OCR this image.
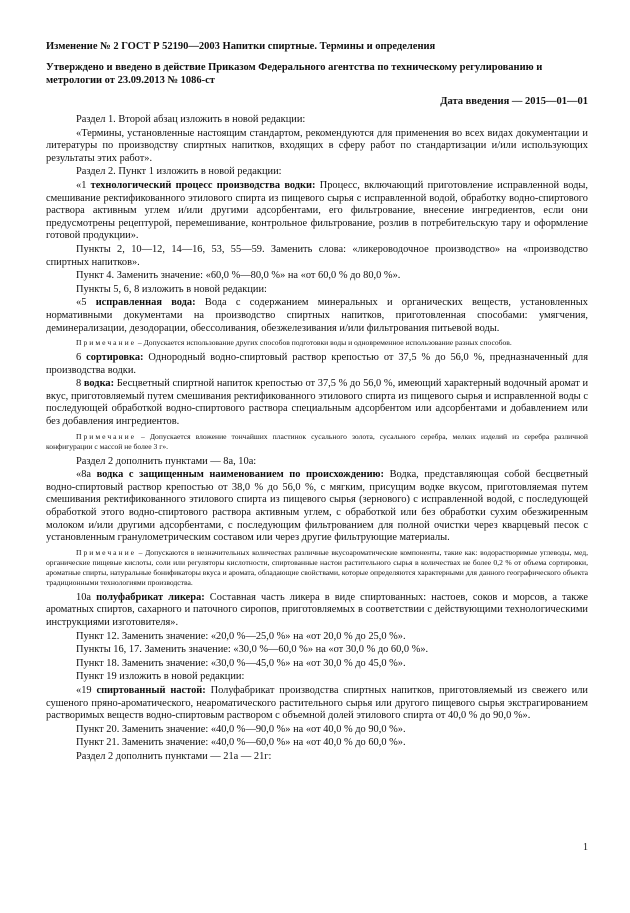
Изменение № 2 ГОСТ Р 52190—2003 Напитки спиртные. Термины и определения
Утверждено и введено в действие Приказом Федерального агентства по техническому регулированию и метрологии от 23.09.2013 № 1086-ст
Дата введения — 2015—01—01

Раздел 1. Второй абзац изложить в новой редакции:

«Термины, установленные настоящим стандартом, рекомендуются для применения во всех видах документации и литературы по производству спиртных напитков, входящих в сферу работ по стандартизации и/или использующих результаты этих работ».

Раздел 2. Пункт 1 изложить в новой редакции:

«1 технологический процесс производства водки: Процесс, включающий приготовление исправленной воды, смешивание ректификованного этилового спирта из пищевого сырья с исправленной водой, обработку водно-спиртового раствора активным углем и/или другими адсорбентами, его фильтрование, внесение ингредиентов, если они предусмотрены рецептурой, перемешивание, контрольное фильтрование, розлив в потребительскую тару и оформление готовой продукции».

Пункты 2, 10—12, 14—16, 53, 55—59. Заменить слова: «ликероводочное производство» на «производство спиртных напитков».

Пункт 4. Заменить значение: «60,0 %—80,0 %» на «от 60,0 % до 80,0 %».

Пункты 5, 6, 8 изложить в новой редакции:

«5 исправленная вода: Вода с содержанием минеральных и органических веществ, установленных нормативными документами на производство спиртных напитков, приготовленная способами: умягчения, деминерализации, дезодорации, обессоливания, обезжелезивания и/или фильтрования питьевой воды.

Примечание – Допускается использование других способов подготовки воды и одновременное использование разных способов.

6 сортировка: Однородный водно-спиртовый раствор крепостью от 37,5 % до 56,0 %, предназначенный для производства водки.

8 водка: Бесцветный спиртной напиток крепостью от 37,5 % до 56,0 %, имеющий характерный водочный аромат и вкус, приготовляемый путем смешивания ректификованного этилового спирта из пищевого сырья и исправленной воды с последующей обработкой водно-спиртового раствора специальным адсорбентом или адсорбентами и добавлением или без добавления ингредиентов.

Примечание – Допускается вложение тончайших пластинок сусального золота, сусального серебра, мелких изделий из серебра различной конфигурации с массой не более 3 г».

Раздел 2 дополнить пунктами — 8а, 10а:

«8а водка с защищенным наименованием по происхождению: Водка, представляющая собой бесцветный водно-спиртовый раствор крепостью от 38,0 % до 56,0 %, с мягким, присущим водке вкусом, приготовляемая путем смешивания ректификованного этилового спирта из пищевого сырья (зернового) с исправленной водой, с последующей обработкой этого водно-спиртового раствора активным углем, с обработкой или без обработки сухим обезжиренным молоком и/или другими адсорбентами, с последующим фильтрованием для полной очистки через кварцевый песок с установленным гранулометрическим составом или через другие фильтрующие материалы.

Примечание – Допускаются в незначительных количествах различные вкусоароматические компоненты, такие как: водорастворимые углеводы, мед, органические пищевые кислоты, соли или регуляторы кислотности, спиртованные настои растительного сырья в количествах не более 0,2 % от объема сортировки, ароматные спирты, натуральные бонификаторы вкуса и аромата, обладающие свойствами, которые определяются характерными для данного географического объекта традиционными технологиями производства.

10а полуфабрикат ликера: Составная часть ликера в виде спиртованных: настоев, соков и морсов, а также ароматных спиртов, сахарного и паточного сиропов, приготовляемых в соответствии с действующими технологическими инструкциями изготовителя».

Пункт 12. Заменить значение: «20,0 %—25,0 %» на «от 20,0 % до 25,0 %».

Пункты 16, 17. Заменить значение: «30,0 %—60,0 %» на «от 30,0 % до 60,0 %».

Пункт 18. Заменить значение: «30,0 %—45,0 %» на «от 30,0 % до 45,0 %».

Пункт 19 изложить в новой редакции:

«19 спиртованный настой: Полуфабрикат производства спиртных напитков, приготовляемый из свежего или сушеного пряно-ароматического, неароматического растительного сырья или другого пищевого сырья экстрагированием растворимых веществ водно-спиртовым раствором с объемной долей этилового спирта от 40,0 % до 90,0 %».

Пункт 20. Заменить значение: «40,0 %—90,0 %» на «от 40,0 % до 90,0 %».

Пункт 21. Заменить значение: «40,0 %—60,0 %» на «от 40,0 % до 60,0 %».

Раздел 2 дополнить пунктами — 21а — 21г:

1
